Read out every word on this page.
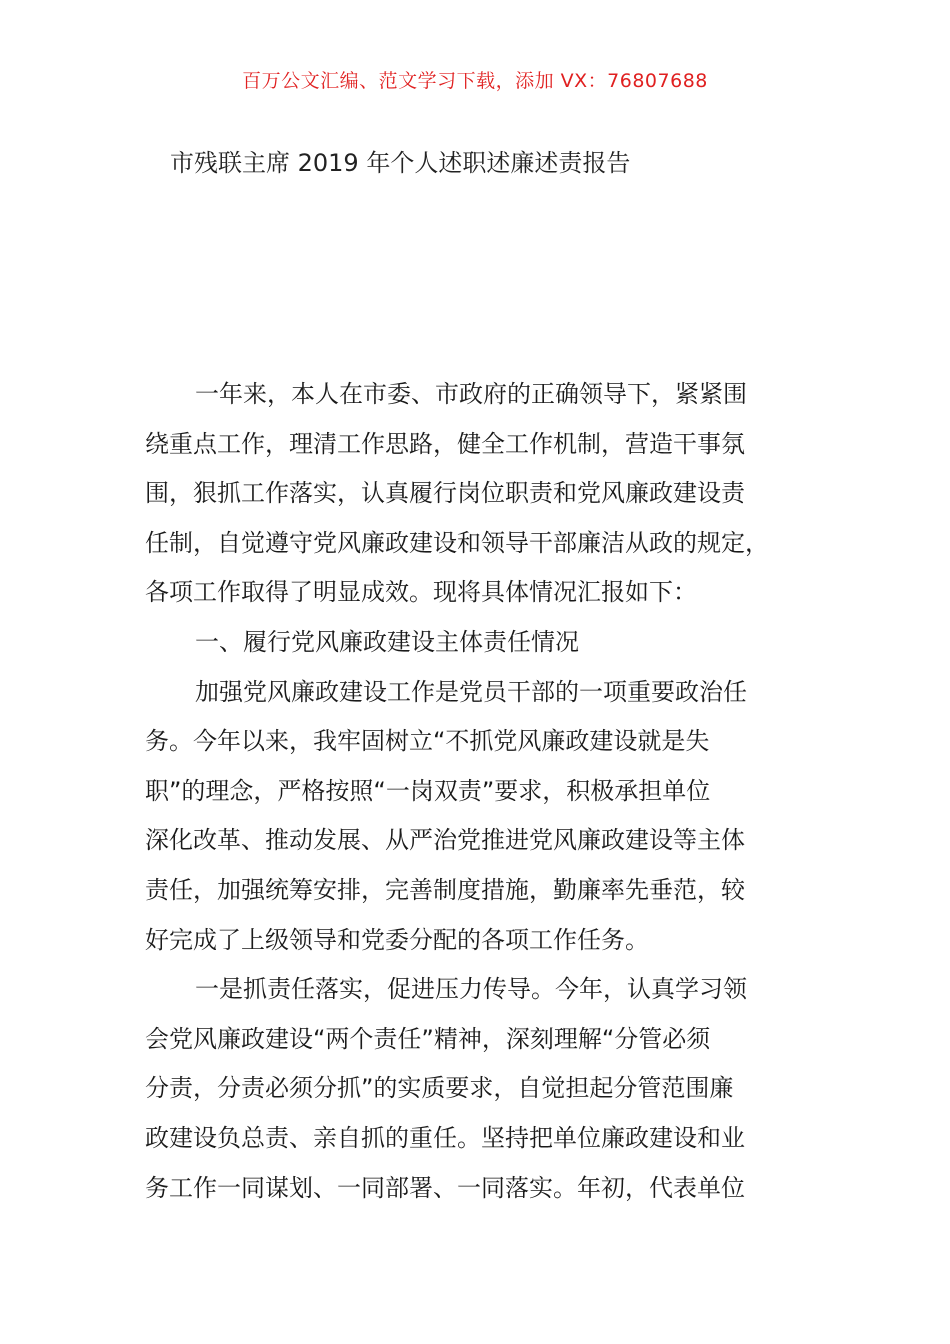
百万公文汇编、范文学习下载，添加 VX：76807688
市残联主席 2019 年个人述职述廉述责报告
一年来，本人在市委、市政府的正确领导下，紧紧围
绕重点工作，理清工作思路，健全工作机制，营造干事氛
围，狠抓工作落实，认真履行岗位职责和党风廉政建设责
任制，自觉遵守党风廉政建设和领导干部廉洁从政的规定，
各项工作取得了明显成效。现将具体情况汇报如下：
一、履行党风廉政建设主体责任情况
加强党风廉政建设工作是党员干部的一项重要政治任
务。今年以来，我牢固树立“不抓党风廉政建设就是失
职”的理念，严格按照“一岗双责”要求，积极承担单位
深化改革、推动发展、从严治党推进党风廉政建设等主体
责任，加强统筹安排，完善制度措施，勤廉率先垂范，较
好完成了上级领导和党委分配的各项工作任务。
一是抓责任落实，促进压力传导。今年，认真学习领
会党风廉政建设“两个责任”精神，深刻理解“分管必须
分责，分责必须分抓”的实质要求，自觉担起分管范围廉
政建设负总责、亲自抓的重任。坚持把单位廉政建设和业
务工作一同谋划、一同部署、一同落实。年初，代表单位
